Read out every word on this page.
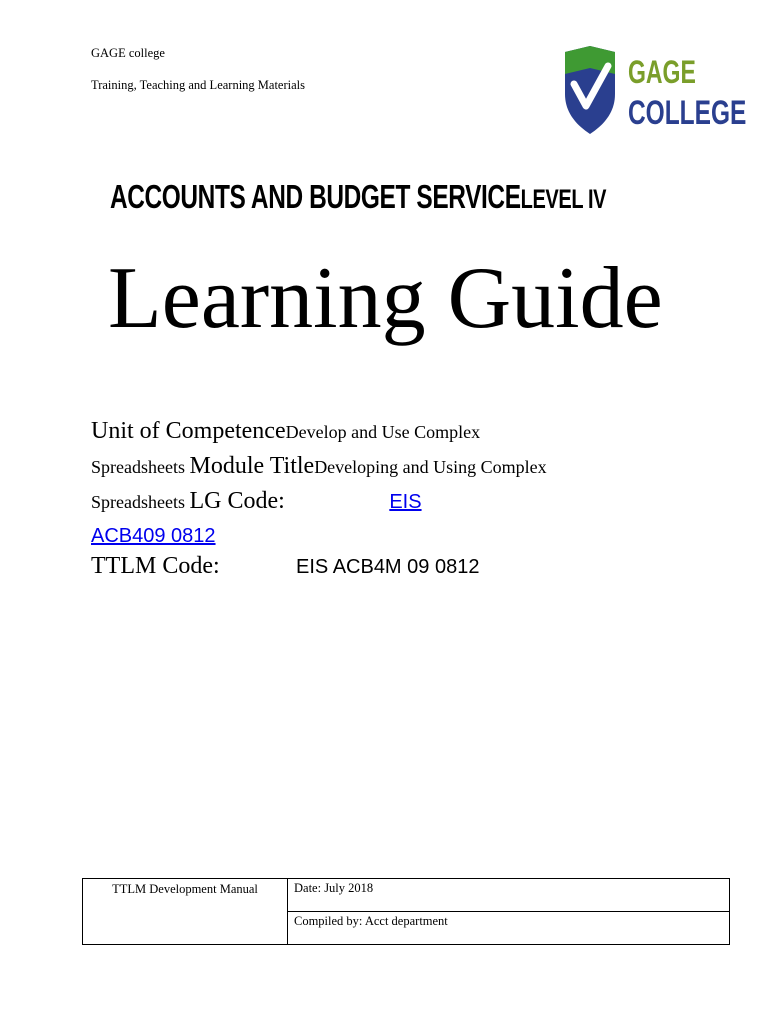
GAGE college
Training, Teaching and Learning Materials	GAGE
COLLEGE
ACCOUNTS AND BUDGET SERVICELEVEL IV
Learning Guide
Unit of CompetenceDevelop and Use Complex Spreadsheets Module TitleDeveloping and Using Complex Spreadsheets LG Code:	EIS
ACB409 0812
TTLM Code:	EIS ACB4M 09 0812
TTLM Development Manual	Date: July 2018
Compiled by: Acct department
